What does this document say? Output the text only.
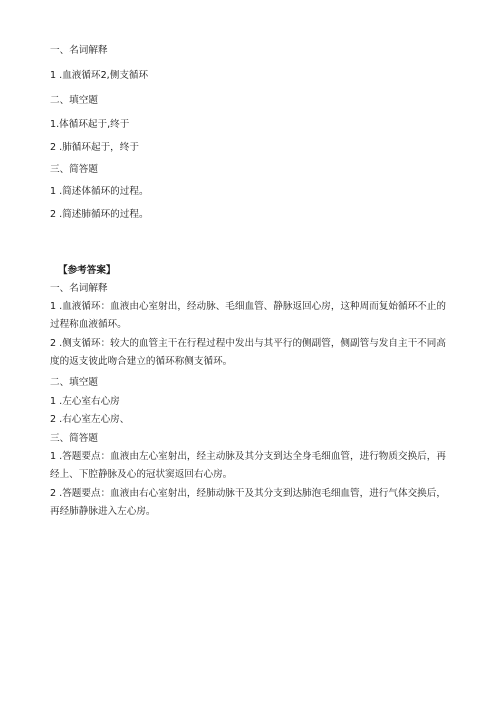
一、名词解释
1 .血液循环2,侧支循环
二、填空题
1.体循环起于,终于
2 .肺循环起于，终于
三、简答题
1 .简述体循环的过程。
2 .简述肺循环的过程。
【参考答案】
一、名词解释
1 .血液循环：血液由心室射出，经动脉、毛细血管、静脉返回心房，这种周而复始循环不止的过程称血液循环。
2 .侧支循环：较大的血管主干在行程过程中发出与其平行的侧副管，侧副管与发自主干不同高度的返支彼此吻合建立的循环称侧支循环。
二、填空题
1 .左心室右心房
2 .右心室左心房、
三、简答题
1 .答题要点：血液由左心室射出，经主动脉及其分支到达全身毛细血管，进行物质交换后，再经上、下腔静脉及心的冠状窦返回右心房。
2 .答题要点：血液由右心室射出，经肺动脉干及其分支到达肺泡毛细血管，进行气体交换后，再经肺静脉进入左心房。
